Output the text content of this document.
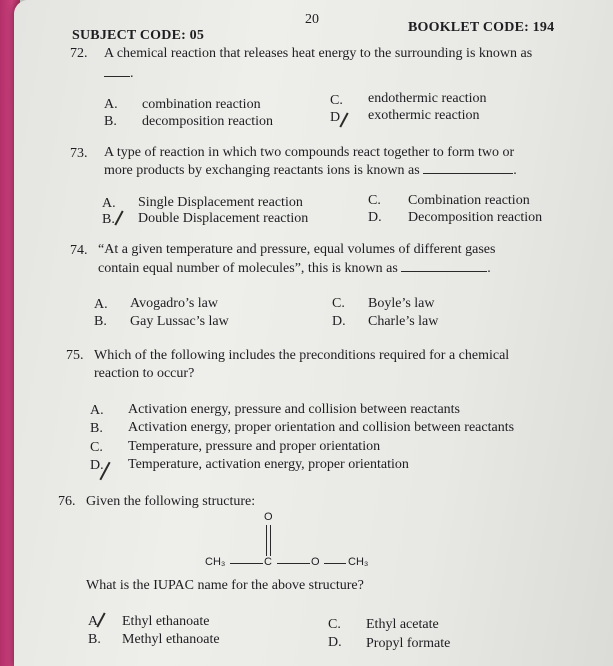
20
SUBJECT CODE: 05
BOOKLET CODE: 194
72. A chemical reaction that releases heat energy to the surrounding is known as
.
A. combination reaction
B. decomposition reaction
C. endothermic reaction
D exothermic reaction
73. A type of reaction in which two compounds react together to form two or
more products by exchanging reactants ions is known as	.
A. Single Displacement reaction
B. Double Displacement reaction
C. Combination reaction
D. Decomposition reaction
74. “At a given temperature and pressure, equal volumes of different gases
contain equal number of molecules”, this is known as	.
A. Avogadro’s law
B. Gay Lussac’s law
C. Boyle’s law
D. Charle’s law
75. Which of the following includes the preconditions required for a chemical
reaction to occur?
A. Activation energy, pressure and collision between reactants
B. Activation energy, proper orientation and collision between reactants
C. Temperature, pressure and proper orientation
D. Temperature, activation energy, proper orientation
76. Given the following structure:
O
CH₃	C	O	CH₃
What is the IUPAC name for the above structure?
A Ethyl ethanoate
B. Methyl ethanoate
C. Ethyl acetate
D. Propyl formate
